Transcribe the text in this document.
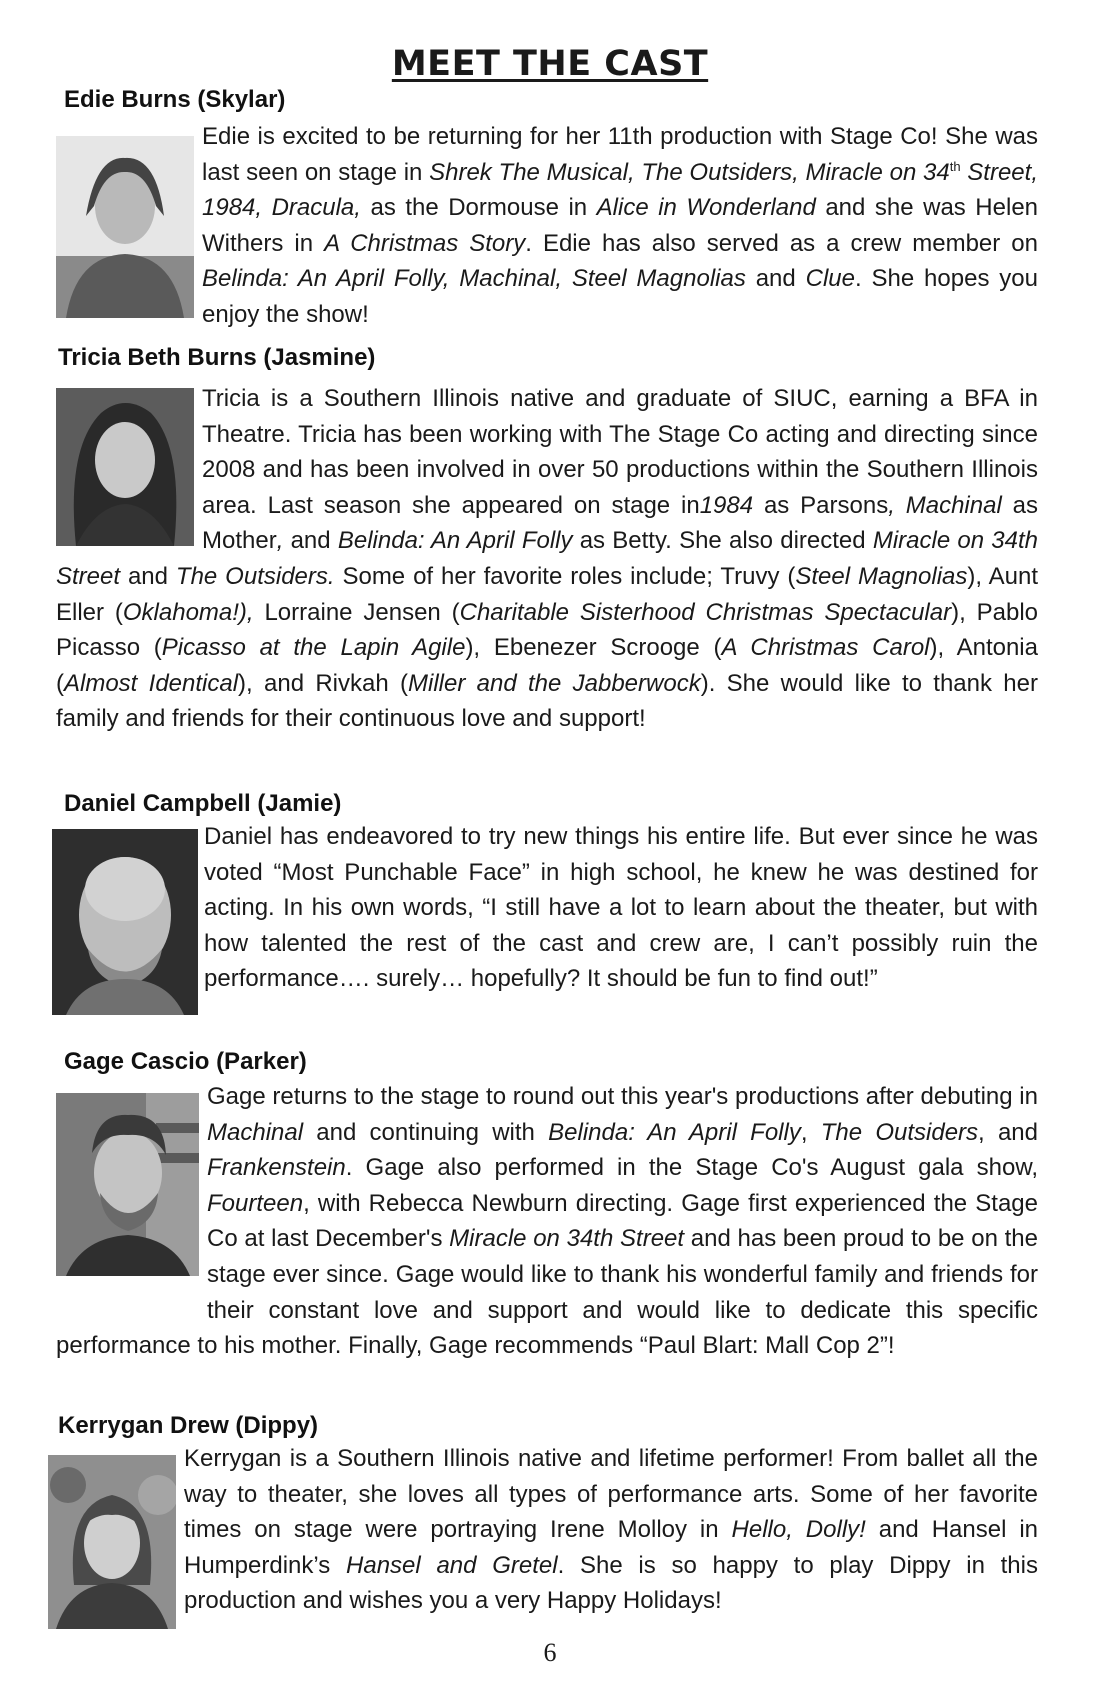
MEET THE CAST
Edie Burns (Skylar)

Edie is excited to be returning for her 11th production with Stage Co! She was last seen on stage in Shrek The Musical, The Outsiders, Miracle on 34th Street, 1984, Dracula, as the Dormouse in Alice in Wonderland and she was Helen Withers in A Christmas Story. Edie has also served as a crew member on Belinda: An April Folly, Machinal, Steel Magnolias and Clue. She hopes you enjoy the show!

Tricia Beth Burns (Jasmine)

Tricia is a Southern Illinois native and graduate of SIUC, earning a BFA in Theatre. Tricia has been working with The Stage Co acting and directing since 2008 and has been involved in over 50 productions within the Southern Illinois area. Last season she appeared on stage in1984 as Parsons, Machinal as Mother, and Belinda: An April Folly as Betty. She also directed Miracle on 34th Street and The Outsiders. Some of her favorite roles include; Truvy (Steel Magnolias), Aunt Eller (Oklahoma!), Lorraine Jensen (Charitable Sisterhood Christmas Spectacular), Pablo Picasso (Picasso at the Lapin Agile), Ebenezer Scrooge (A Christmas Carol), Antonia (Almost Identical), and Rivkah (Miller and the Jabberwock). She would like to thank her family and friends for their continuous love and support!

Daniel Campbell (Jamie)

Daniel has endeavored to try new things his entire life. But ever since he was voted “Most Punchable Face” in high school, he knew he was destined for acting. In his own words, “I still have a lot to learn about the theater, but with how talented the rest of the cast and crew are, I can’t possibly ruin the performance…. surely… hopefully? It should be fun to find out!”

Gage Cascio (Parker)

Gage returns to the stage to round out this year's productions after debuting in Machinal and continuing with Belinda: An April Folly, The Outsiders, and Frankenstein. Gage also performed in the Stage Co's August gala show, Fourteen, with Rebecca Newburn directing. Gage first experienced the Stage Co at last December's Miracle on 34th Street and has been proud to be on the stage ever since. Gage would like to thank his wonderful family and friends for their constant love and support and would like to dedicate this specific performance to his mother. Finally, Gage recommends “Paul Blart: Mall Cop 2”!

Kerrygan Drew (Dippy)

Kerrygan is a Southern Illinois native and lifetime performer! From ballet all the way to theater, she loves all types of performance arts. Some of her favorite times on stage were portraying Irene Molloy in Hello, Dolly! and Hansel in Humperdink’s Hansel and Gretel. She is so happy to play Dippy in this production and wishes you a very Happy Holidays!

6
